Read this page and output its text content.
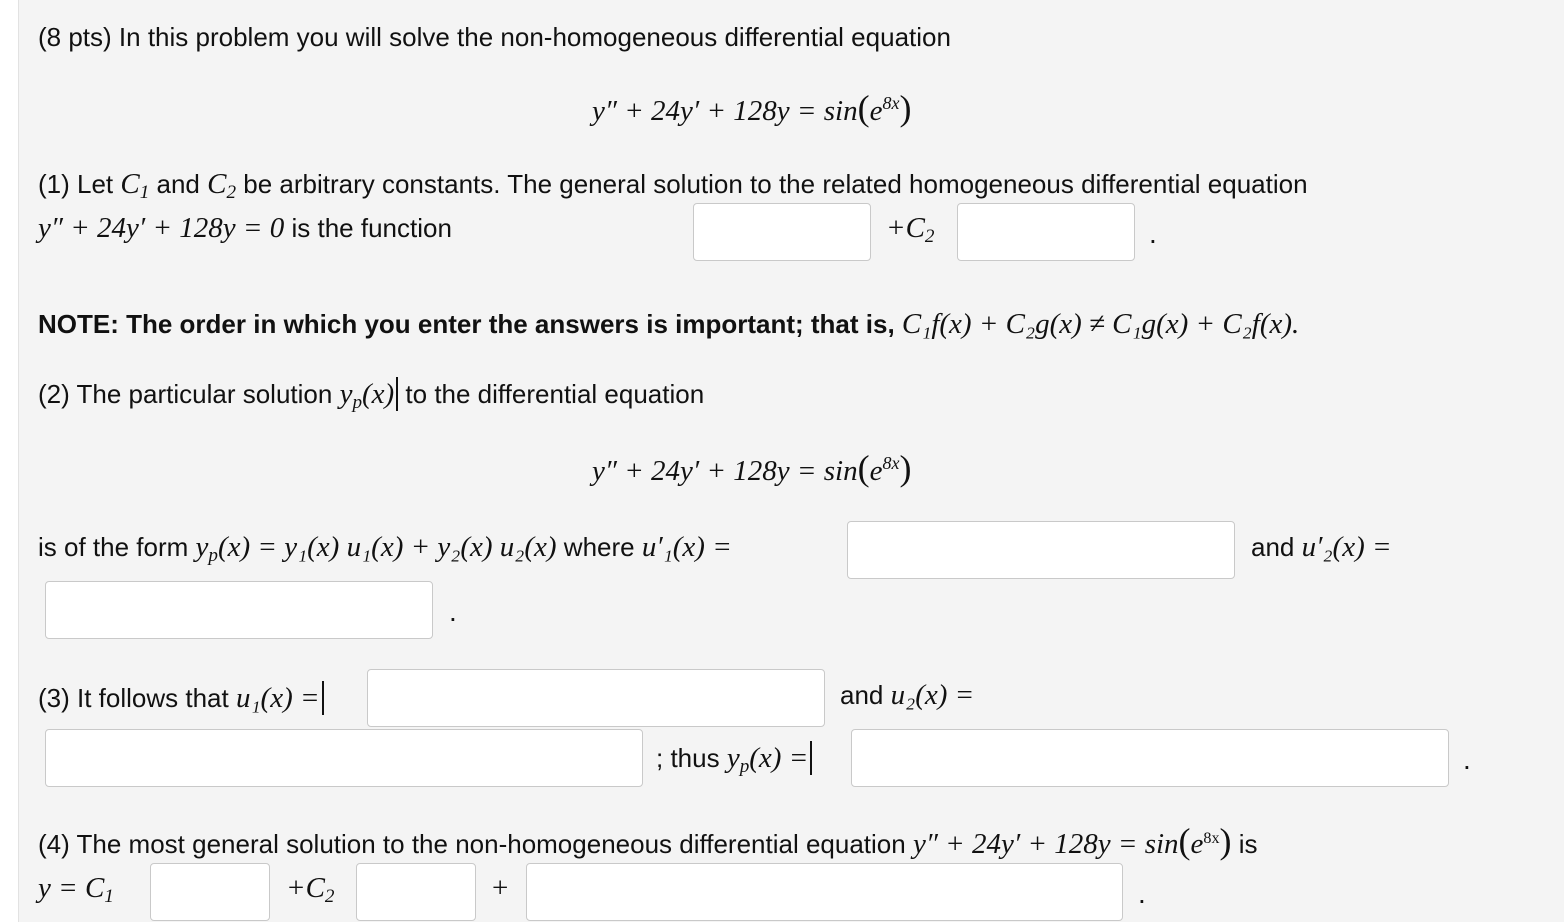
(8 pts) In this problem you will solve the non-homogeneous differential equation
$y'' + 24y' + 128y = \sin(e^{8x})$
(1) Let C1 and C2 be arbitrary constants. The general solution to the related homogeneous differential equation
y″ + 24y′ + 128y = 0 is the function	+C2	.
NOTE: The order in which you enter the answers is important; that is, C₁f(x) + C₂g(x) ≠ C₁g(x) + C₂f(x).
(2) The particular solution yp(x) to the differential equation
$y'' + 24y' + 128y = \sin(e^{8x})$
is of the form yp(x) = y₁(x) u₁(x) + y₂(x) u₂(x) where u′₁(x) =	and u′₂(x) =
.
(3) It follows that u₁(x) =	and u₂(x) =
; thus yp(x) =	.
(4) The most general solution to the non-homogeneous differential equation $y'' + 24y' + 128y = \sin(e^{8x})$ is
y = C1	+C2	+	.
